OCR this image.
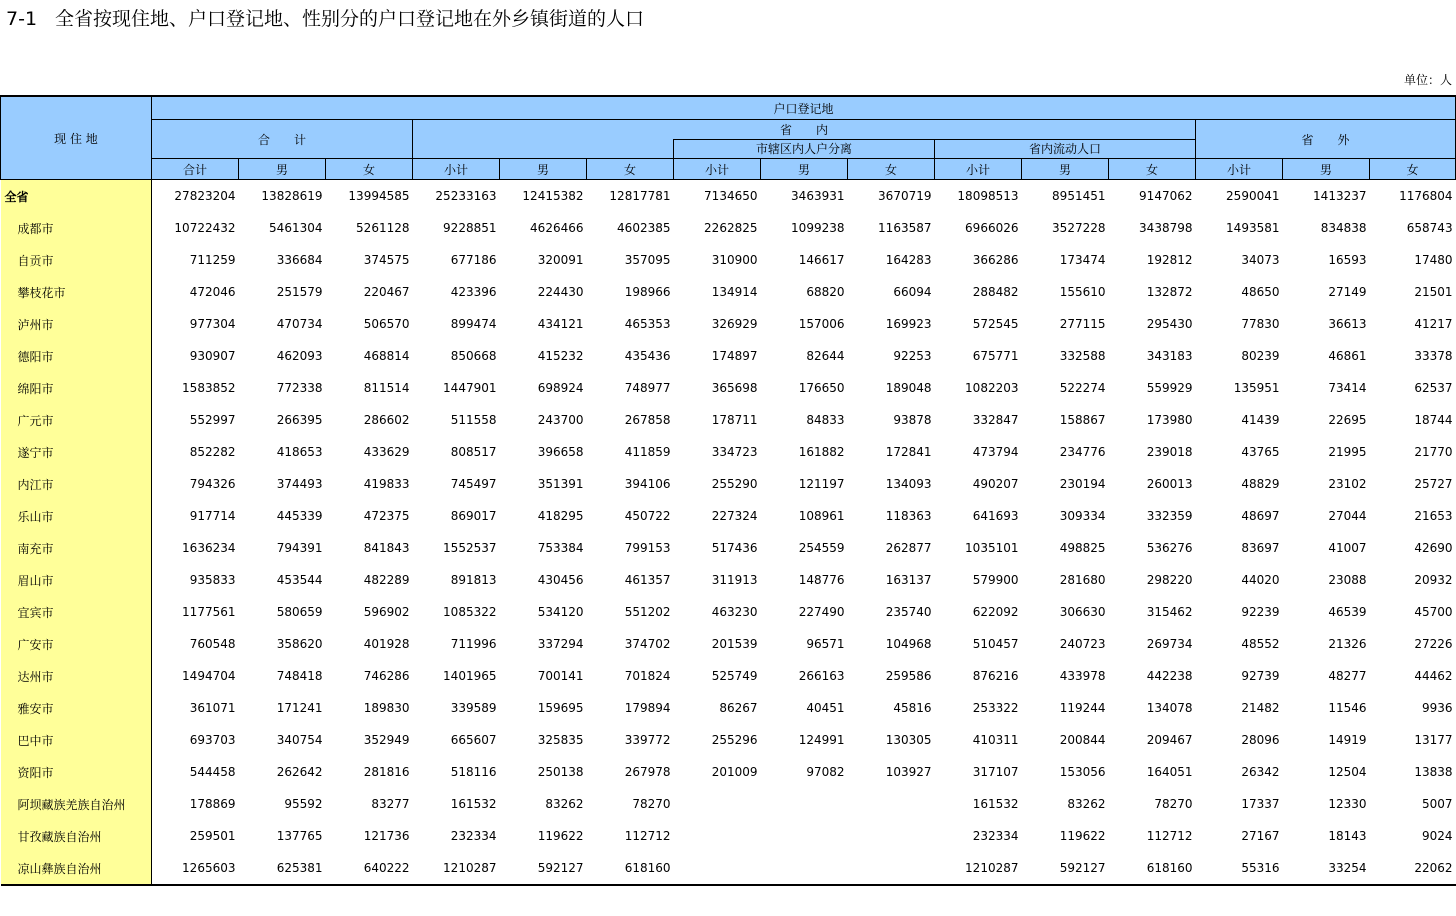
7-1 全省按现住地、户口登记地、性别分的户口登记地在外乡镇街道的人口
单位：人
现 住 地	户口登记地														
	合　　计			省　　内									省　　外		
							市辖区内人户分离			省内流动人口					
	合计	男	女	小计	男	女	小计	男	女	小计	男	女	小计	男	女
全省	27823204	13828619	13994585	25233163	12415382	12817781	7134650	3463931	3670719	18098513	8951451	9147062	2590041	1413237	1176804
成都市	10722432	5461304	5261128	9228851	4626466	4602385	2262825	1099238	1163587	6966026	3527228	3438798	1493581	834838	658743
自贡市	711259	336684	374575	677186	320091	357095	310900	146617	164283	366286	173474	192812	34073	16593	17480
攀枝花市	472046	251579	220467	423396	224430	198966	134914	68820	66094	288482	155610	132872	48650	27149	21501
泸州市	977304	470734	506570	899474	434121	465353	326929	157006	169923	572545	277115	295430	77830	36613	41217
德阳市	930907	462093	468814	850668	415232	435436	174897	82644	92253	675771	332588	343183	80239	46861	33378
绵阳市	1583852	772338	811514	1447901	698924	748977	365698	176650	189048	1082203	522274	559929	135951	73414	62537
广元市	552997	266395	286602	511558	243700	267858	178711	84833	93878	332847	158867	173980	41439	22695	18744
遂宁市	852282	418653	433629	808517	396658	411859	334723	161882	172841	473794	234776	239018	43765	21995	21770
内江市	794326	374493	419833	745497	351391	394106	255290	121197	134093	490207	230194	260013	48829	23102	25727
乐山市	917714	445339	472375	869017	418295	450722	227324	108961	118363	641693	309334	332359	48697	27044	21653
南充市	1636234	794391	841843	1552537	753384	799153	517436	254559	262877	1035101	498825	536276	83697	41007	42690
眉山市	935833	453544	482289	891813	430456	461357	311913	148776	163137	579900	281680	298220	44020	23088	20932
宜宾市	1177561	580659	596902	1085322	534120	551202	463230	227490	235740	622092	306630	315462	92239	46539	45700
广安市	760548	358620	401928	711996	337294	374702	201539	96571	104968	510457	240723	269734	48552	21326	27226
达州市	1494704	748418	746286	1401965	700141	701824	525749	266163	259586	876216	433978	442238	92739	48277	44462
雅安市	361071	171241	189830	339589	159695	179894	86267	40451	45816	253322	119244	134078	21482	11546	9936
巴中市	693703	340754	352949	665607	325835	339772	255296	124991	130305	410311	200844	209467	28096	14919	13177
资阳市	544458	262642	281816	518116	250138	267978	201009	97082	103927	317107	153056	164051	26342	12504	13838
阿坝藏族羌族自治州	178869	95592	83277	161532	83262	78270				161532	83262	78270	17337	12330	5007
甘孜藏族自治州	259501	137765	121736	232334	119622	112712				232334	119622	112712	27167	18143	9024
凉山彝族自治州	1265603	625381	640222	1210287	592127	618160				1210287	592127	618160	55316	33254	22062
